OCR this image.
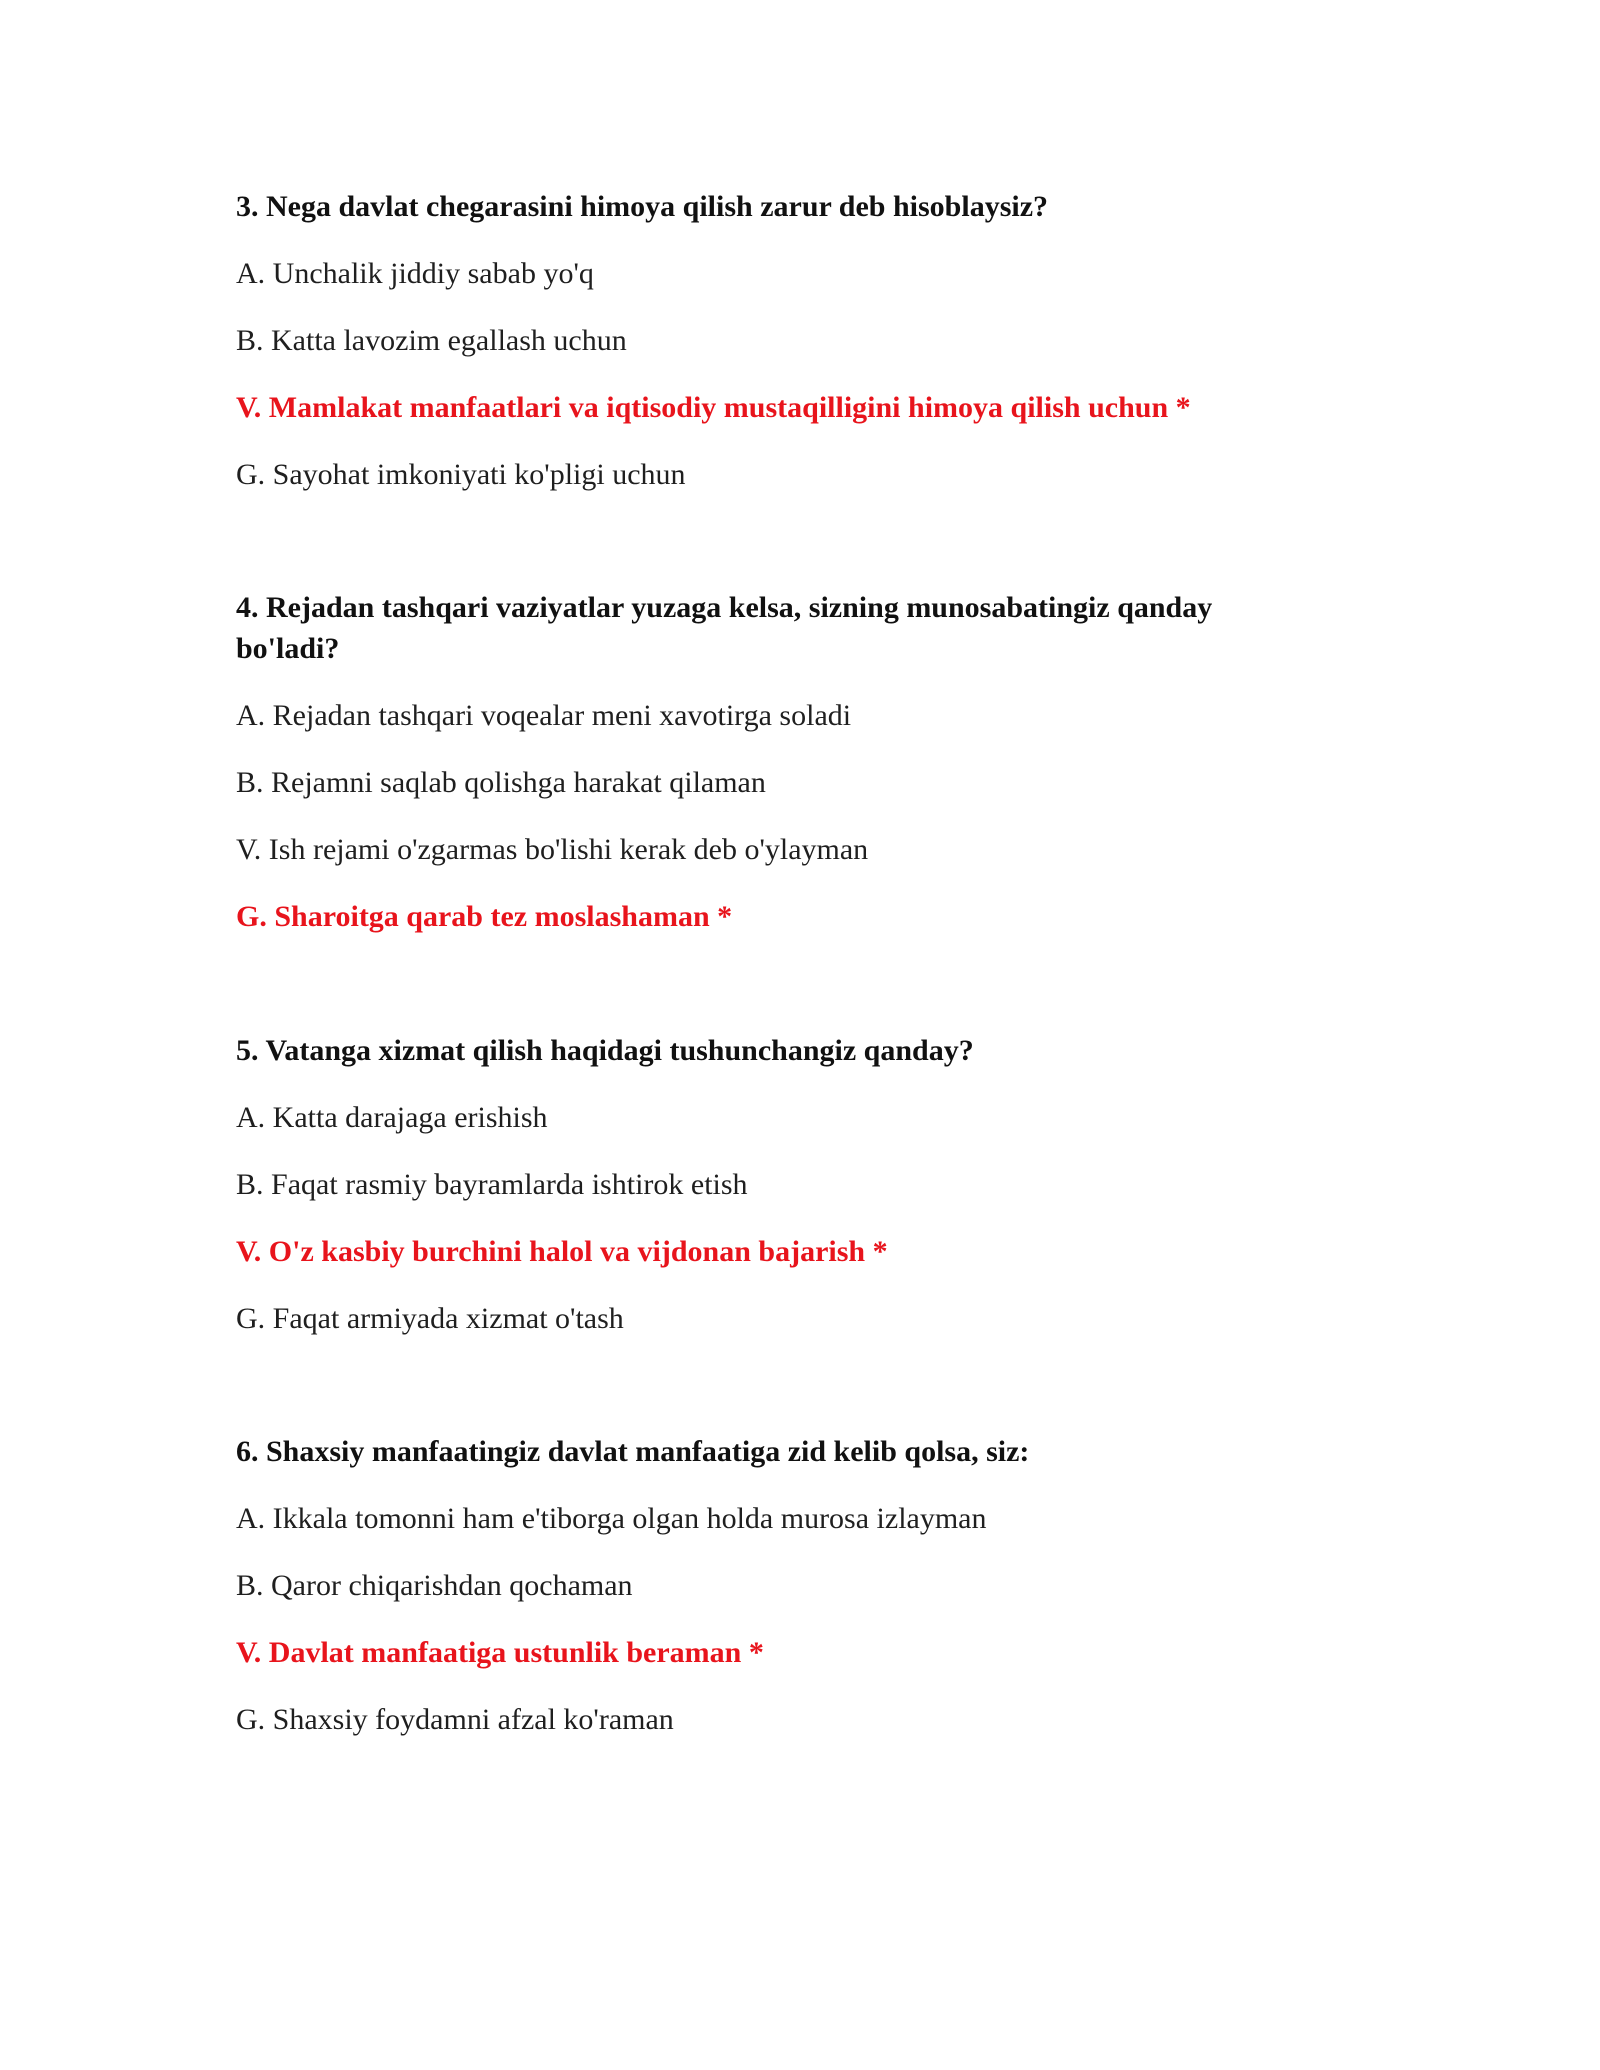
3. Nega davlat chegarasini himoya qilish zarur deb hisoblaysiz?

A. Unchalik jiddiy sabab yo'q

B. Katta lavozim egallash uchun

V. Mamlakat manfaatlari va iqtisodiy mustaqilligini himoya qilish uchun *

G. Sayohat imkoniyati ko'pligi uchun

4. Rejadan tashqari vaziyatlar yuzaga kelsa, sizning munosabatingiz qanday bo'ladi?

A. Rejadan tashqari voqealar meni xavotirga soladi

B. Rejamni saqlab qolishga harakat qilaman

V. Ish rejami o'zgarmas bo'lishi kerak deb o'ylayman

G. Sharoitga qarab tez moslashaman *

5. Vatanga xizmat qilish haqidagi tushunchangiz qanday?

A. Katta darajaga erishish

B. Faqat rasmiy bayramlarda ishtirok etish

V. O'z kasbiy burchini halol va vijdonan bajarish *

G. Faqat armiyada xizmat o'tash

6. Shaxsiy manfaatingiz davlat manfaatiga zid kelib qolsa, siz:

A. Ikkala tomonni ham e'tiborga olgan holda murosa izlayman

B. Qaror chiqarishdan qochaman

V. Davlat manfaatiga ustunlik beraman *

G. Shaxsiy foydamni afzal ko'raman
